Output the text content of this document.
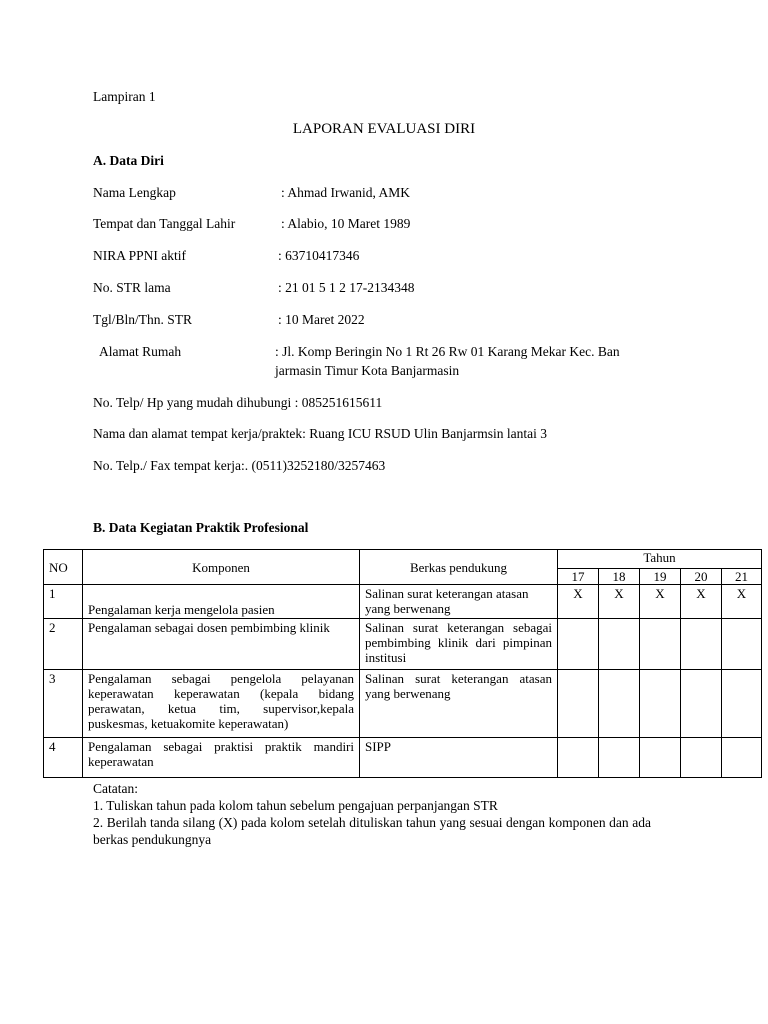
Lampiran 1
LAPORAN EVALUASI DIRI
A. Data Diri
Nama Lengkap	: Ahmad Irwanid, AMK
Tempat dan Tanggal Lahir	: Alabio, 10 Maret 1989
NIRA PPNI aktif	: 63710417346
No. STR lama	: 21 01 5 1 2 17-2134348
Tgl/Bln/Thn. STR	: 10 Maret 2022
Alamat Rumah	: Jl. Komp Beringin No 1 Rt 26 Rw 01 Karang Mekar Kec. Ban
jarmasin Timur Kota Banjarmasin
No. Telp/ Hp yang mudah dihubungi : 085251615611
Nama dan alamat tempat kerja/praktek: Ruang ICU RSUD Ulin Banjarmsin lantai 3
No. Telp./ Fax tempat kerja:. (0511)3252180/3257463
B. Data Kegiatan Praktik Profesional
NO	Komponen	Berkas pendukung	Tahun				
			17	18	19	20	21
1	Pengalaman kerja mengelola pasien	Salinan surat keterangan atasan yang berwenang	X	X	X	X	X
2	Pengalaman sebagai dosen pembimbing klinik	Salinan surat keterangan sebagai pembimbing klinik dari pimpinan institusi					
3	Pengalaman sebagai pengelola pelayanan keperawatan keperawatan (kepala bidang perawatan, ketua tim, supervisor,kepala puskesmas, ketuakomite keperawatan)	Salinan surat keterangan atasan yang berwenang					
4	Pengalaman sebagai praktisi praktik mandiri keperawatan	SIPP					
Catatan:
1. Tuliskan tahun pada kolom tahun sebelum pengajuan perpanjangan STR
2. Berilah tanda silang (X) pada kolom setelah dituliskan tahun yang sesuai dengan komponen dan ada berkas pendukungnya
